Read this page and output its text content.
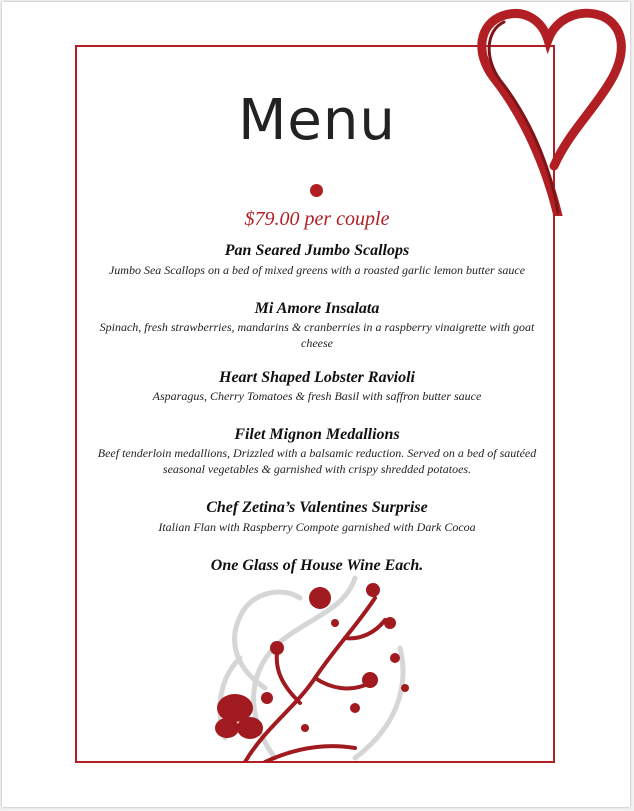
Menu
$79.00 per couple
Pan Seared Jumbo Scallops
Jumbo Sea Scallops on a bed of mixed greens with a roasted garlic lemon butter sauce
Mi Amore Insalata
Spinach, fresh strawberries, mandarins & cranberries in a raspberry vinaigrette with goat cheese
Heart Shaped Lobster Ravioli
Asparagus, Cherry Tomatoes & fresh Basil with saffron butter sauce
Filet Mignon Medallions
Beef tenderloin medallions, Drizzled with a balsamic reduction. Served on a bed of sautéed seasonal vegetables & garnished with crispy shredded potatoes.
Chef Zetina’s Valentines Surprise
Italian Flan with Raspberry Compote garnished with Dark Cocoa
One Glass of House Wine Each.
